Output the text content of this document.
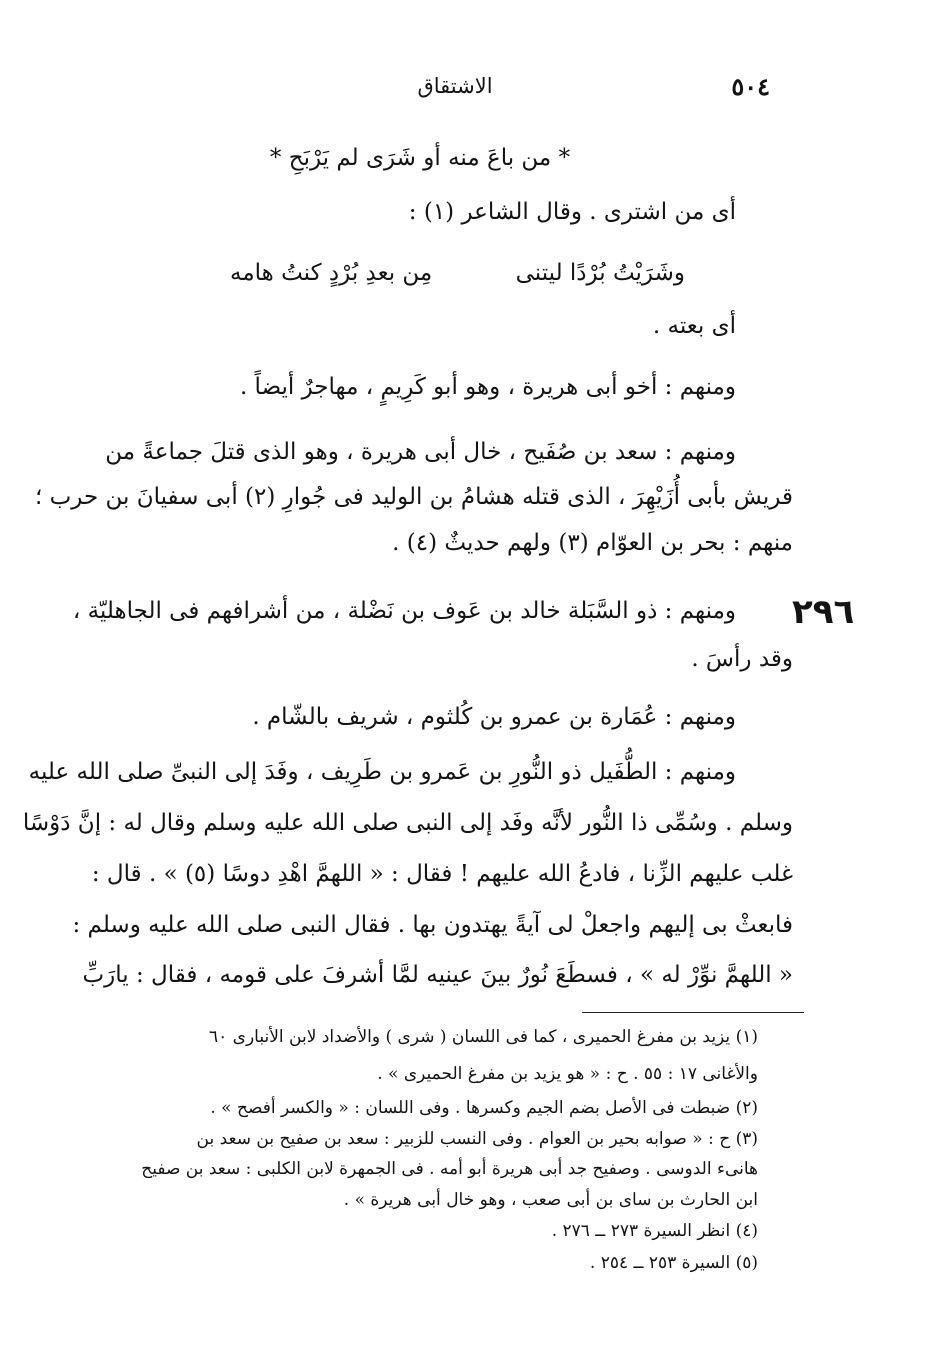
٥٠٤
الاشتقاق
* من باعَ منه أو شَرَى لم يَرْبَحِ *
أى من اشترى . وقال الشاعر (١) :
وشَرَيْتُ بُرْدًا ليتنى
مِن بعدِ بُرْدٍ كنتُ هامه
أى بعته .
ومنهم : أخو أبى هريرة ، وهو أبو كَرِيمٍ ، مهاجرٌ أيضاً .
ومنهم : سعد بن صُفَيح ، خال أبى هريرة ، وهو الذى قتلَ جماعةً من
قريش بأبى أُزَيْهِرَ ، الذى قتله هشامُ بن الوليد فى جُوارِ (٢) أبى سفيانَ بن حرب ؛
منهم : بحر بن العوّام (٣) ولهم حديثٌ (٤) .
٢٩٦
ومنهم : ذو السَّبَلة خالد بن عَوف بن نَضْلة ، من أشرافهم فى الجاهليّة ،
وقد رأسَ .
ومنهم : عُمَارة بن عمرو بن كُلثوم ، شريف بالشّام .
ومنهم : الطُّفَيل ذو النُّورِ بن عَمرو بن طَرِيف ، وفَدَ إلى النبىِّ صلى الله عليه
وسلم . وسُمِّى ذا النُّور لأنَّه وفَد إلى النبى صلى الله عليه وسلم وقال له : إنَّ دَوْسًا
غلب عليهم الزِّنا ، فادعُ الله عليهم ! فقال : « اللهمَّ اهْدِ دوسًا (٥) » . قال :
فابعثْ بى إليهم واجعلْ لى آيةً يهتدون بها . فقال النبى صلى الله عليه وسلم :
« اللهمَّ نوِّرْ له » ، فسطَعَ نُورٌ بينَ عينيه لمَّا أشرفَ على قومه ، فقال : يارَبِّ
(١) يزيد بن مفرغ الحميرى ، كما فى اللسان ( شرى ) والأضداد لابن الأنبارى ٦٠
والأغانى ١٧ : ٥٥ . ح : « هو يزيد بن مفرغ الحميرى » .
(٢) ضبطت فى الأصل بضم الجيم وكسرها . وفى اللسان : « والكسر أفصح » .
(٣) ح : « صوابه بحير بن العوام . وفى النسب للزبير : سعد بن صفيح بن سعد بن
هانىء الدوسى . وصفيح جد أبى هريرة أبو أمه . فى الجمهرة لابن الكلبى : سعد بن صفيح
ابن الحارث بن ساى بن أبى صعب ، وهو خال أبى هريرة » .
(٤) انظر السيرة ٢٧٣ ــ ٢٧٦ .
(٥) السيرة ٢٥٣ ــ ٢٥٤ .
